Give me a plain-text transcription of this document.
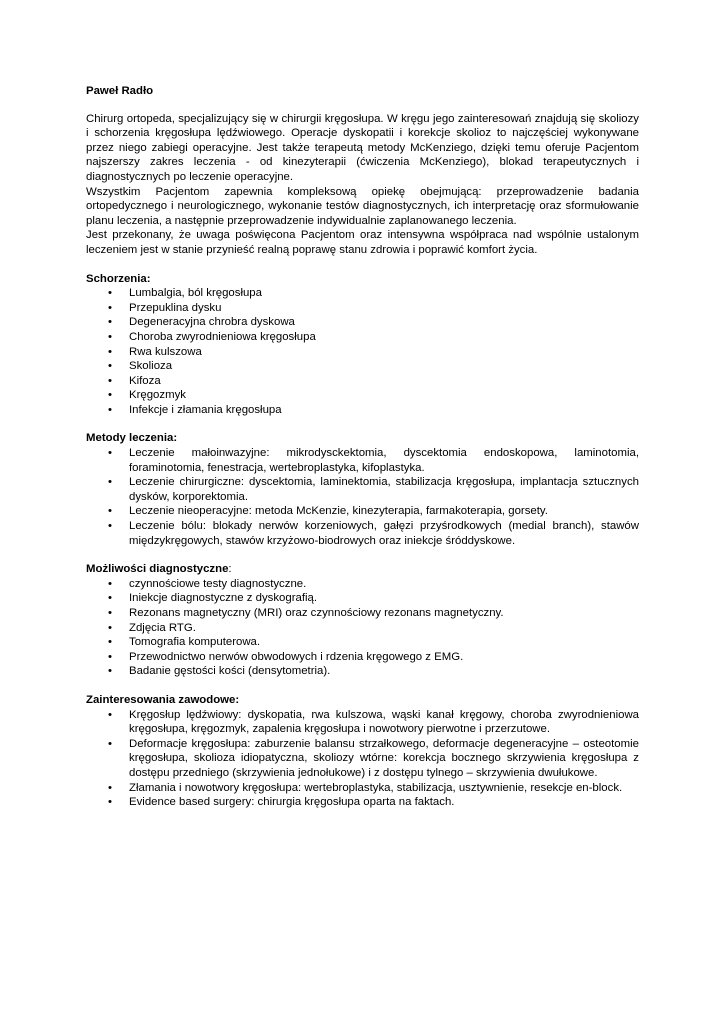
Paweł Radło

Chirurg ortopeda, specjalizujący się w chirurgii kręgosłupa. W kręgu jego zainteresowań znajdują się skoliozy i schorzenia kręgosłupa lędźwiowego. Operacje dyskopatii i korekcje skolioz to najczęściej wykonywane przez niego zabiegi operacyjne. Jest także terapeutą metody McKenziego, dzięki temu oferuje Pacjentom najszerszy zakres leczenia - od kinezyterapii (ćwiczenia McKenziego), blokad terapeutycznych i diagnostycznych po leczenie operacyjne.

Wszystkim Pacjentom zapewnia kompleksową opiekę obejmującą: przeprowadzenie badania ortopedycznego i neurologicznego, wykonanie testów diagnostycznych, ich interpretację oraz sformułowanie planu leczenia, a następnie przeprowadzenie indywidualnie zaplanowanego leczenia.

Jest przekonany, że uwaga poświęcona Pacjentom oraz intensywna współpraca nad wspólnie ustalonym leczeniem jest w stanie przynieść realną poprawę stanu zdrowia i poprawić komfort życia.

Schorzenia:

• Lumbalgia, ból kręgosłupa
• Przepuklina dysku
• Degeneracyjna chrobra dyskowa
• Choroba zwyrodnieniowa kręgosłupa
• Rwa kulszowa
• Skolioza
• Kifoza
• Kręgozmyk
• Infekcje i złamania kręgosłupa

Metody leczenia:

• Leczenie małoinwazyjne: mikrodysckektomia, dyscektomia endoskopowa, laminotomia, foraminotomia, fenestracja, wertebroplastyka, kifoplastyka.
• Leczenie chirurgiczne: dyscektomia, laminektomia, stabilizacja kręgosłupa, implantacja sztucznych dysków, korporektomia.
• Leczenie nieoperacyjne: metoda McKenzie, kinezyterapia, farmakoterapia, gorsety.
• Leczenie bólu: blokady nerwów korzeniowych, gałęzi przyśrodkowych (medial branch), stawów międzykręgowych, stawów krzyżowo-biodrowych oraz iniekcje śróddyskowe.

Możliwości diagnostyczne:

• czynnościowe testy diagnostyczne.
• Iniekcje diagnostyczne z dyskografią.
• Rezonans magnetyczny (MRI) oraz czynnościowy rezonans magnetyczny.
• Zdjęcia RTG.
• Tomografia komputerowa.
• Przewodnictwo nerwów obwodowych i rdzenia kręgowego z EMG.
• Badanie gęstości kości (densytometria).

Zainteresowania zawodowe:

• Kręgosłup lędźwiowy: dyskopatia, rwa kulszowa, wąski kanał kręgowy, choroba zwyrodnieniowa kręgosłupa, kręgozmyk, zapalenia kręgosłupa i nowotwory pierwotne i przerzutowe.
• Deformacje kręgosłupa: zaburzenie balansu strzałkowego, deformacje degeneracyjne – osteotomie kręgosłupa, skolioza idiopatyczna, skoliozy wtórne: korekcja bocznego skrzywienia kręgosłupa z dostępu przedniego (skrzywienia jednołukowe) i z dostępu tylnego – skrzywienia dwułukowe.
• Złamania i nowotwory kręgosłupa: wertebroplastyka, stabilizacja, usztywnienie, resekcje en-block.
• Evidence based surgery: chirurgia kręgosłupa oparta na faktach.
